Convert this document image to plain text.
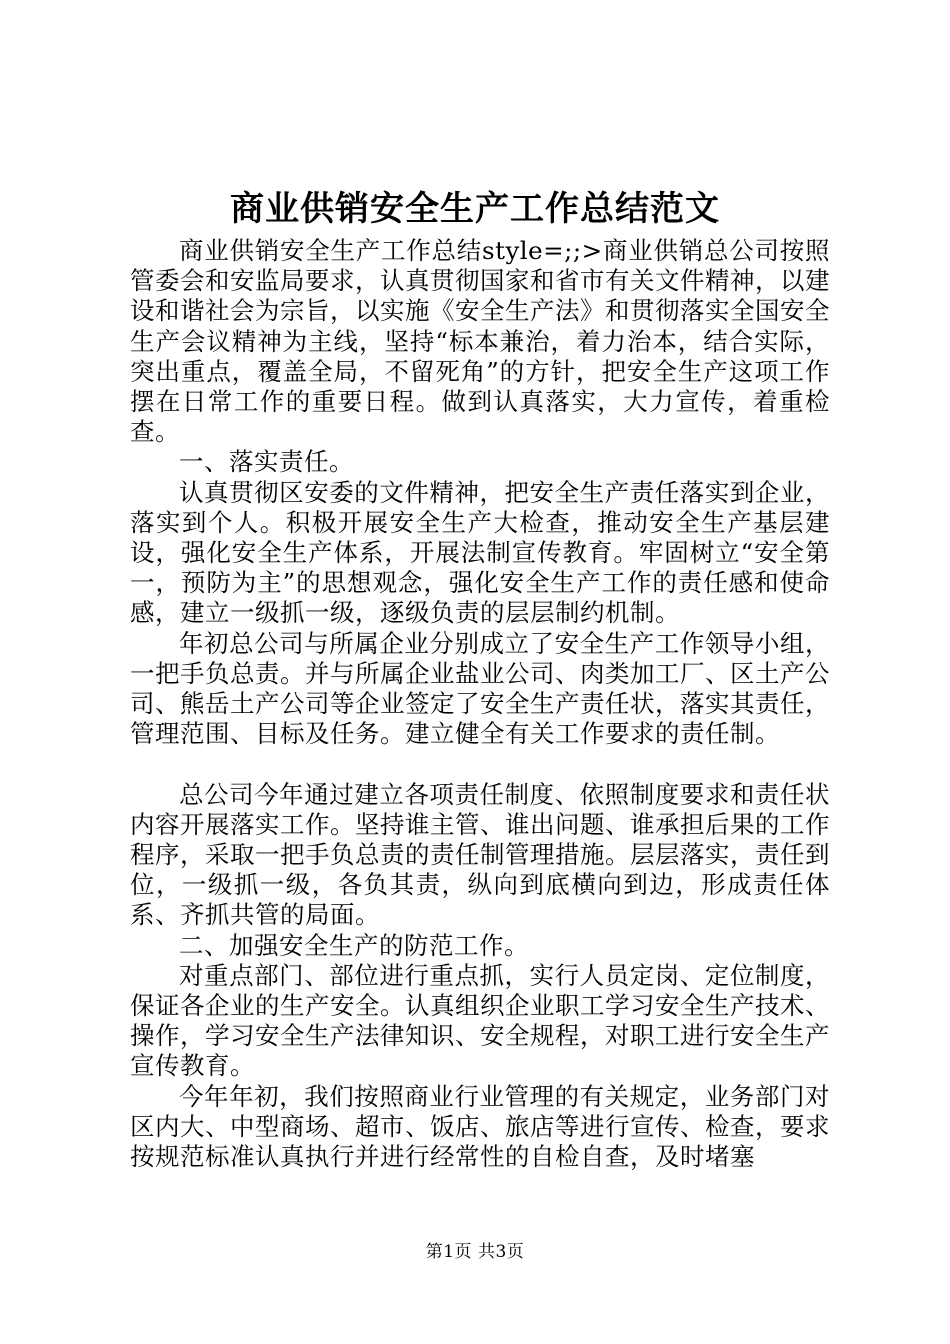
商业供销安全生产工作总结范文

商业供销安全生产工作总结style=;;>商业供销总公司按照管委会和安监局要求，认真贯彻国家和省市有关文件精神，以建设和谐社会为宗旨，以实施《安全生产法》和贯彻落实全国安全生产会议精神为主线，坚持“标本兼治，着力治本，结合实际，突出重点，覆盖全局，不留死角”的方针，把安全生产这项工作摆在日常工作的重要日程。做到认真落实，大力宣传，着重检查。

一、落实责任。

认真贯彻区安委的文件精神，把安全生产责任落实到企业，落实到个人。积极开展安全生产大检查，推动安全生产基层建设，强化安全生产体系，开展法制宣传教育。牢固树立“安全第一，预防为主”的思想观念，强化安全生产工作的责任感和使命感，建立一级抓一级，逐级负责的层层制约机制。

年初总公司与所属企业分别成立了安全生产工作领导小组，一把手负总责。并与所属企业盐业公司、肉类加工厂、区土产公司、熊岳土产公司等企业签定了安全生产责任状，落实其责任，管理范围、目标及任务。建立健全有关工作要求的责任制。

总公司今年通过建立各项责任制度、依照制度要求和责任状内容开展落实工作。坚持谁主管、谁出问题、谁承担后果的工作程序，采取一把手负总责的责任制管理措施。层层落实，责任到位，一级抓一级，各负其责，纵向到底横向到边，形成责任体系、齐抓共管的局面。

二、加强安全生产的防范工作。

对重点部门、部位进行重点抓，实行人员定岗、定位制度，保证各企业的生产安全。认真组织企业职工学习安全生产技术、操作，学习安全生产法律知识、安全规程，对职工进行安全生产宣传教育。

今年年初，我们按照商业行业管理的有关规定，业务部门对区内大、中型商场、超市、饭店、旅店等进行宣传、检查，要求按规范标准认真执行并进行经常性的自检自查，及时堵塞

第1页 共3页
